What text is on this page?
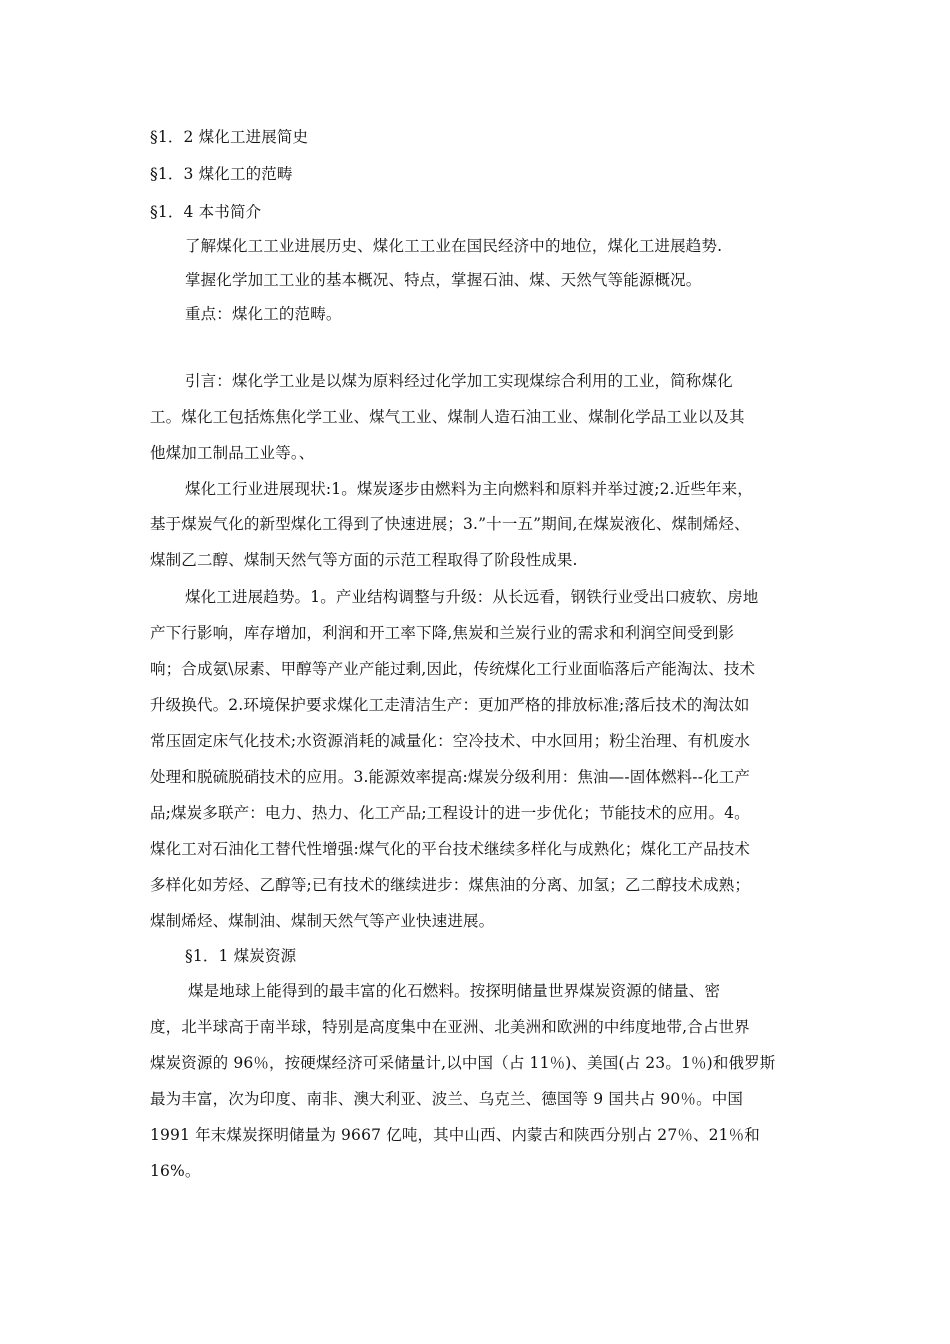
§1．2 煤化工进展简史
§1．3 煤化工的范畴
§1．4 本书简介
了解煤化工工业进展历史、煤化工工业在国民经济中的地位，煤化工进展趋势.
掌握化学加工工业的基本概况、特点，掌握石油、煤、天然气等能源概况。
重点：煤化工的范畴。
引言：煤化学工业是以煤为原料经过化学加工实现煤综合利用的工业，简称煤化
工。煤化工包括炼焦化学工业、煤气工业、煤制人造石油工业、煤制化学品工业以及其
他煤加工制品工业等。、
煤化工行业进展现状:1。煤炭逐步由燃料为主向燃料和原料并举过渡;2.近些年来，
基于煤炭气化的新型煤化工得到了快速进展；3.”十一五”期间,在煤炭液化、煤制烯烃、
煤制乙二醇、煤制天然气等方面的示范工程取得了阶段性成果.
煤化工进展趋势。1。产业结构调整与升级：从长远看，钢铁行业受出口疲软、房地
产下行影响，库存增加，利润和开工率下降,焦炭和兰炭行业的需求和利润空间受到影
响；合成氨\尿素、甲醇等产业产能过剩,因此，传统煤化工行业面临落后产能淘汰、技术
升级换代。2.环境保护要求煤化工走清洁生产：更加严格的排放标准;落后技术的淘汰如
常压固定床气化技术;水资源消耗的减量化：空冷技术、中水回用；粉尘治理、有机废水
处理和脱硫脱硝技术的应用。3.能源效率提高:煤炭分级利用：焦油—-固体燃料--化工产
品;煤炭多联产：电力、热力、化工产品;工程设计的进一步优化；节能技术的应用。4。
煤化工对石油化工替代性增强:煤气化的平台技术继续多样化与成熟化；煤化工产品技术
多样化如芳烃、乙醇等;已有技术的继续进步：煤焦油的分离、加氢；乙二醇技术成熟；
煤制烯烃、煤制油、煤制天然气等产业快速进展。
§1．1 煤炭资源
煤是地球上能得到的最丰富的化石燃料。按探明储量世界煤炭资源的储量、密
度，北半球高于南半球，特别是高度集中在亚洲、北美洲和欧洲的中纬度地带,合占世界
煤炭资源的 96％，按硬煤经济可采储量计,以中国（占 11％)、美国(占 23。1％)和俄罗斯
最为丰富，次为印度、南非、澳大利亚、波兰、乌克兰、德国等 9 国共占 90％。中国
1991 年末煤炭探明储量为 9667 亿吨，其中山西、内蒙古和陕西分别占 27％、21％和
16%。
